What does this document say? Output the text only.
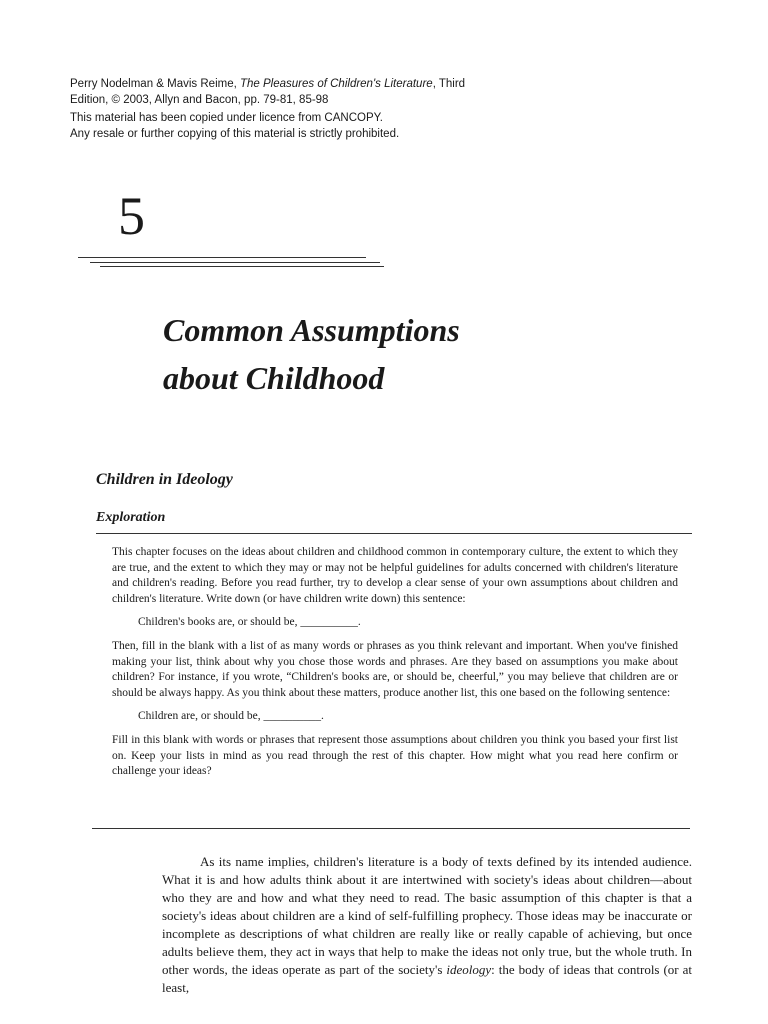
Perry Nodelman & Mavis Reime, The Pleasures of Children's Literature, Third Edition, © 2003, Allyn and Bacon, pp. 79-81, 85-98

This material has been copied under licence from CANCOPY.

Any resale or further copying of this material is strictly prohibited.

5
Common Assumptions
about Childhood
Children in Ideology
Exploration

This chapter focuses on the ideas about children and childhood common in contemporary culture, the extent to which they are true, and the extent to which they may or may not be helpful guidelines for adults concerned with children's literature and children's reading. Before you read further, try to develop a clear sense of your own assumptions about children and children's literature. Write down (or have children write down) this sentence:

Children's books are, or should be, __________.

Then, fill in the blank with a list of as many words or phrases as you think relevant and important. When you've finished making your list, think about why you chose those words and phrases. Are they based on assumptions you make about children? For instance, if you wrote, “Children's books are, or should be, cheerful,” you may believe that children are or should be always happy. As you think about these matters, produce another list, this one based on the following sentence:

Children are, or should be, __________.

Fill in this blank with words or phrases that represent those assumptions about children you think you based your first list on. Keep your lists in mind as you read through the rest of this chapter. How might what you read here confirm or challenge your ideas?

As its name implies, children's literature is a body of texts defined by its intended audience. What it is and how adults think about it are intertwined with society's ideas about children—about who they are and how and what they need to read. The basic assumption of this chapter is that a society's ideas about children are a kind of self-fulfilling prophecy. Those ideas may be inaccurate or incomplete as descriptions of what children are really like or really capable of achieving, but once adults believe them, they act in ways that help to make the ideas not only true, but the whole truth. In other words, the ideas operate as part of the society's ideology: the body of ideas that controls (or at least,
